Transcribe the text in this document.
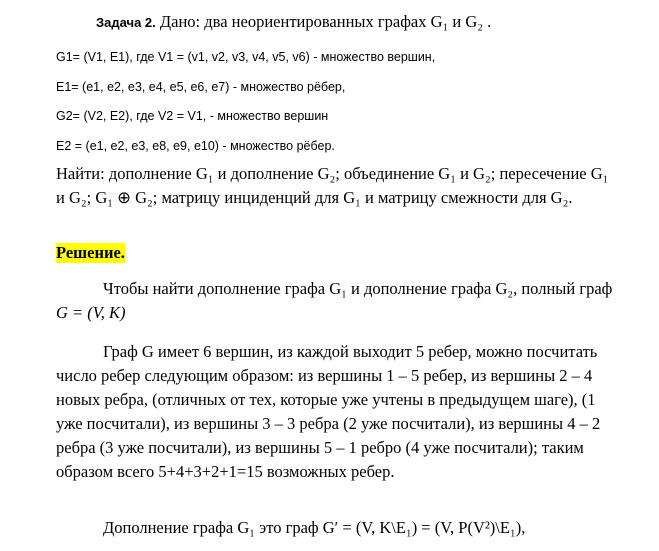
Задача 2. Дано: два неориентированных графах G₁ и G₂ .
G1= (V1, E1), где V1 = (v1, v2, v3, v4, v5, v6) - множество вершин,
E1= (e1, e2, e3, e4, e5, e6, e7) - множество рёбер,
G2= (V2, E2), где V2 = V1, - множество вершин
E2 = (e1, e2, e3, e8, e9, e10) - множество рёбер.
Найти: дополнение G₁ и дополнение G₂; объединение G₁ и G₂; пересечение G₁
и G₂; G₁ ⊕ G₂; матрицу инциденций для G₁ и матрицу смежности для G₂.
Решение.
Чтобы найти дополнение графа G₁ и дополнение графа G₂, полный граф
G = (V, K)
Граф G имеет 6 вершин, из каждой выходит 5 ребер, можно посчитать
число ребер следующим образом: из вершины 1 – 5 ребер, из вершины 2 – 4
новых ребра, (отличных от тех, которые уже учтены в предыдущем шаге), (1
уже посчитали), из вершины 3 – 3 ребра (2 уже посчитали), из вершины 4 – 2
ребра (3 уже посчитали), из вершины 5 – 1 ребро (4 уже посчитали); таким
образом всего 5+4+3+2+1=15 возможных ребер.
Дополнение графа G₁ это граф G′ = (V, K\E₁) = (V, P(V²)\E₁),
